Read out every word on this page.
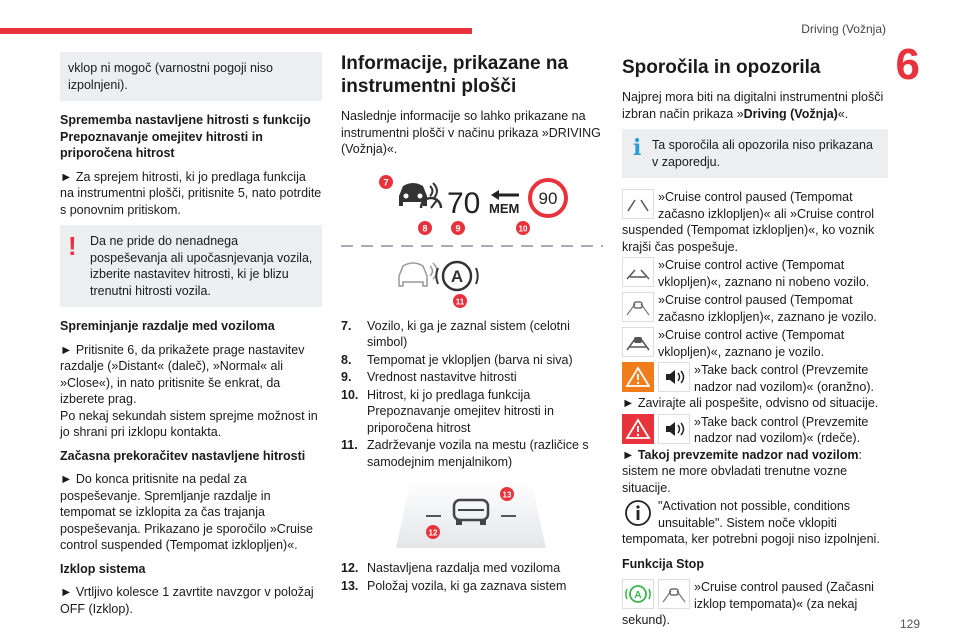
Driving (Vožnja)
6
129
vklop ni mogoč (varnostni pogoji niso izpolnjeni).
Sprememba nastavljene hitrosti s funkcijo Prepoznavanje omejitev hitrosti in priporočena hitrost

► Za sprejem hitrosti, ki jo predlaga funkcija na instrumentni plošči, pritisnite 5, nato potrdite s ponovnim pritiskom.

! Da ne pride do nenadnega pospeševanja ali upočasnjevanja vozila, izberite nastavitev hitrosti, ki je blizu trenutni hitrosti vozila.
Spreminjanje razdalje med voziloma

► Pritisnite 6, da prikažete prage nastavitev razdalje (»Distant« (daleč), »Normal« ali »Close«), in nato pritisnite še enkrat, da izberete prag.

Po nekaj sekundah sistem sprejme možnost in jo shrani pri izklopu kontakta.

Začasna prekoračitev nastavljene hitrosti

► Do konca pritisnite na pedal za pospeševanje. Spremljanje razdalje in tempomat se izklopita za čas trajanja pospeševanja. Prikazano je sporočilo »Cruise control suspended (Tempomat izklopljen)«.

Izklop sistema

► Vrtljivo kolesce 1 zavrtite navzgor v položaj OFF (Izklop).

Informacije, prikazane na instrumentni plošči

Naslednje informacije so lahko prikazane na instrumentni plošči v načinu prikaza »DRIVING (Vožnja)«.

70 MEM
90
7
8	9	10
A
11
7.	Vozilo, ki ga je zaznal sistem (celotni simbol)
8.	Tempomat je vklopljen (barva ni siva)
9.	Vrednost nastavitve hitrosti
10. Hitrost, ki jo predlaga funkcija Prepoznavanje omejitev hitrosti in priporočena hitrost
11. Zadrževanje vozila na mestu (različice s samodejnim menjalnikom)
13
12
12. Nastavljena razdalja med voziloma
13. Položaj vozila, ki ga zaznava sistem
Sporočila in opozorila

Najprej mora biti na digitalni instrumentni plošči izbran način prikaza »Driving (Vožnja)«.

i Ta sporočila ali opozorila niso prikazana v zaporedju.
»Cruise control paused (Tempomat začasno izklopljen)« ali »Cruise control suspended (Tempomat izklopljen)«, ko voznik krajši čas pospešuje.
»Cruise control active (Tempomat vklopljen)«, zaznano ni nobeno vozilo.
»Cruise control paused (Tempomat začasno izklopljen)«, zaznano je vozilo.
»Cruise control active (Tempomat vklopljen)«, zaznano je vozilo.
»Take back control (Prevzemite nadzor nad vozilom)« (oranžno).

► Zavirajte ali pospešite, odvisno od situacije.

»Take back control (Prevzemite nadzor nad vozilom)« (rdeče).

► Takoj prevzemite nadzor nad vozilom: sistem ne more obvladati trenutne vozne situacije.

"Activation not possible, conditions unsuitable". Sistem noče vklopiti tempomata, ker potrebni pogoji niso izpolnjeni.
Funkcija Stop
A
»Cruise control paused (Začasni izklop tempomata)« (za nekaj sekund).
